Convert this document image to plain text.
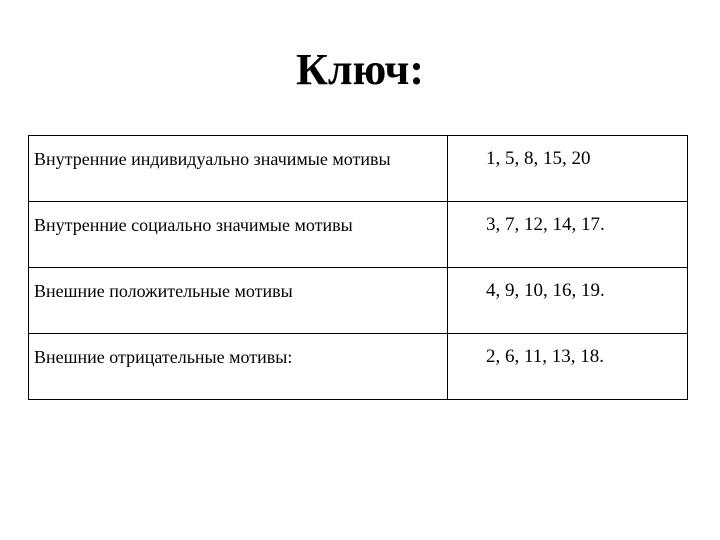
Ключ:
Внутренние индивидуально значимые мотивы	1, 5, 8, 15, 20
Внутренние социально значимые мотивы	3, 7, 12, 14, 17.
Внешние положительные мотивы	4, 9, 10, 16, 19.
Внешние отрицательные мотивы:	2, 6, 11, 13, 18.
